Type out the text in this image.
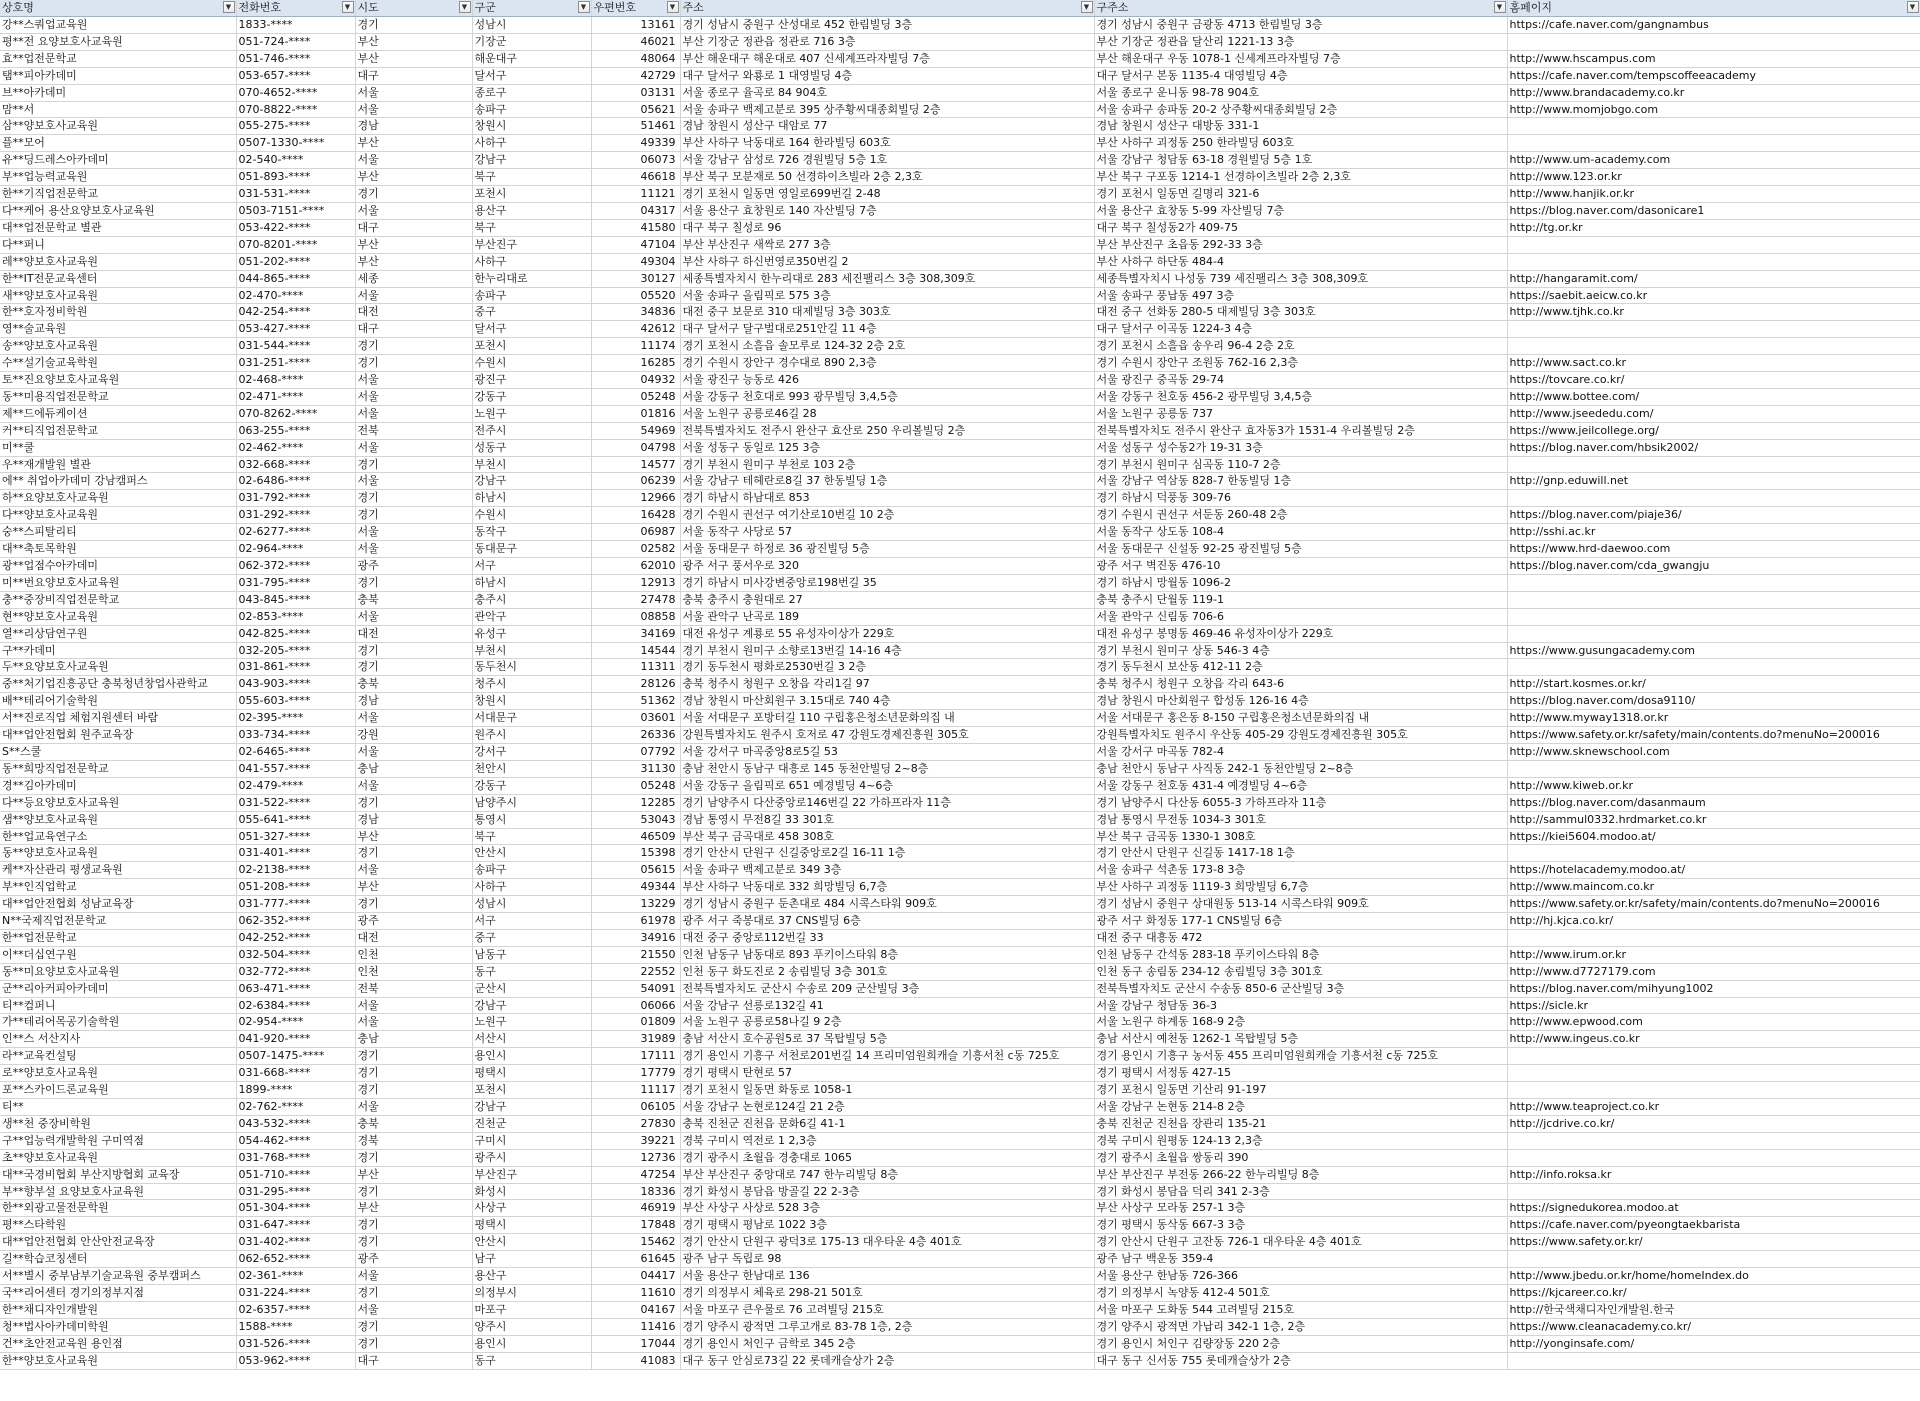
상호명 ▼	전화번호 ▼	시도 ▼	구군 ▼	우편번호 ▼	주소 ▼	구주소 ▼	홈페이지 ▼

강**스쿼업교육원	1833-****	경기	성남시	13161	경기 성남시 중원구 산성대로 452 한림빌딩 3층	경기 성남시 중원구 금광동 4713 한림빌딩 3층	https://cafe.naver.com/gangnambus
평**전 요양보호사교육원	051-724-****	부산	기장군	46021	부산 기장군 정관읍 정관로 716 3층	부산 기장군 정관읍 달산리 1221-13 3층	
효**업전문학교	051-746-****	부산	해운대구	48064	부산 해운대구 해운대로 407 신세계프라자빌딩 7층	부산 해운대구 우동 1078-1 신세계프라자빌딩 7층	http://www.hscampus.com
탬**피아카데미	053-657-****	대구	달서구	42729	대구 달서구 와룡로 1 대영빌딩 4층	대구 달서구 본동 1135-4 대영빌딩 4층	https://cafe.naver.com/tempscoffeeacademy
브**아카데미	070-4652-****	서울	종로구	03131	서울 종로구 율곡로 84 904호	서울 종로구 운니동 98-78 904호	http://www.brandacademy.co.kr
맘**서	070-8822-****	서울	송파구	05621	서울 송파구 백제고분로 395 상주황씨대종회빌딩 2층	서울 송파구 송파동 20-2 상주황씨대종회빌딩 2층	http://www.momjobgo.com
삼**양보호사교육원	055-275-****	경남	창원시	51461	경남 창원시 성산구 대암로 77	경남 창원시 성산구 대방동 331-1	
플**모어	0507-1330-****	부산	사하구	49339	부산 사하구 낙동대로 164 한라빌딩 603호	부산 사하구 괴정동 250 한라빌딩 603호	
유**딩드레스아카데미	02-540-****	서울	강남구	06073	서울 강남구 삼성로 726 경원빌딩 5층 1호	서울 강남구 청담동 63-18 경원빌딩 5층 1호	http://www.um-academy.com
부**업능력교육원	051-893-****	부산	북구	46618	부산 북구 모분재로 50 선경하이츠빌라 2층 2,3호	부산 북구 구포동 1214-1 선경하이츠빌라 2층 2,3호	http://www.123.or.kr
한**기직업전문학교	031-531-****	경기	포천시	11121	경기 포천시 일동면 영일로699번길 2-48	경기 포천시 일동면 길명리 321-6	http://www.hanjik.or.kr
다**케어 용산요양보호사교육원	0503-7151-****	서울	용산구	04317	서울 용산구 효창원로 140 자산빌딩 7층	서울 용산구 효창동 5-99 자산빌딩 7층	https://blog.naver.com/dasonicare1
대**업전문학교 별관	053-422-****	대구	북구	41580	대구 북구 칠성로 96	대구 북구 칠성동2가 409-75	http://tg.or.kr
다**퍼니	070-8201-****	부산	부산진구	47104	부산 부산진구 새싹로 277 3층	부산 부산진구 초읍동 292-33 3층	
레**양보호사교육원	051-202-****	부산	사하구	49304	부산 사하구 하신번영로350번길 2	부산 사하구 하단동 484-4	
한**IT전문교육센터	044-865-****	세종	한누리대로	30127	세종특별자치시 한누리대로 283 세진팰리스 3층 308,309호	세종특별자치시 나성동 739 세진팰리스 3층 308,309호	http://hangaramit.com/
새**양보호사교육원	02-470-****	서울	송파구	05520	서울 송파구 올림픽로 575 3층	서울 송파구 풍납동 497 3층	https://saebit.aeicw.co.kr
한**호자정비학원	042-254-****	대전	중구	34836	대전 중구 보문로 310 대제빌딩 3층 303호	대전 중구 선화동 280-5 대제빌딩 3층 303호	http://www.tjhk.co.kr
영**술교육원	053-427-****	대구	달서구	42612	대구 달서구 달구벌대로251안길 11 4층	대구 달서구 이곡동 1224-3 4층	
송**양보호사교육원	031-544-****	경기	포천시	11174	경기 포천시 소흘읍 솔모루로 124-32 2층 2호	경기 포천시 소흘읍 송우리 96-4 2층 2호	
수**설기술교육학원	031-251-****	경기	수원시	16285	경기 수원시 장안구 경수대로 890 2,3층	경기 수원시 장안구 조원동 762-16 2,3층	http://www.sact.co.kr
토**진요양보호사교육원	02-468-****	서울	광진구	04932	서울 광진구 능동로 426	서울 광진구 중곡동 29-74	https://tovcare.co.kr/
동**미용직업전문학교	02-471-****	서울	강동구	05248	서울 강동구 천호대로 993 광무빌딩 3,4,5층	서울 강동구 천호동 456-2 광무빌딩 3,4,5층	http://www.bottee.com/
제**드에듀케이션	070-8262-****	서울	노원구	01816	서울 노원구 공릉로46길 28	서울 노원구 공릉동 737	http://www.jseededu.com/
커**티직업전문학교	063-255-****	전북	전주시	54969	전북특별자치도 전주시 완산구 효산로 250 우리볼빌딩 2층	전북특별자치도 전주시 완산구 효자동3가 1531-4 우리볼빌딩 2층	https://www.jeilcollege.org/
미**쿨	02-462-****	서울	성동구	04798	서울 성동구 동일로 125 3층	서울 성동구 성수동2가 19-31 3층	https://blog.naver.com/hbsik2002/
우**재개발원 별관	032-668-****	경기	부천시	14577	경기 부천시 원미구 부천로 103 2층	경기 부천시 원미구 심곡동 110-7 2층	
에** 취업아카데미 강남캠퍼스	02-6486-****	서울	강남구	06239	서울 강남구 테헤란로8길 37 한동빌딩 1층	서울 강남구 역삼동 828-7 한동빌딩 1층	http://gnp.eduwill.net
하**요양보호사교육원	031-792-****	경기	하남시	12966	경기 하남시 하남대로 853	경기 하남시 덕풍동 309-76	
다**양보호사교육원	031-292-****	경기	수원시	16428	경기 수원시 권선구 여기산로10번길 10 2층	경기 수원시 권선구 서둔동 260-48 2층	https://blog.naver.com/piaje36/
숭**스피탈리티	02-6277-****	서울	동작구	06987	서울 동작구 사당로 57	서울 동작구 상도동 108-4	http://sshi.ac.kr
대**축토목학원	02-964-****	서울	동대문구	02582	서울 동대문구 하정로 36 광진빌딩 5층	서울 동대문구 신설동 92-25 광진빌딩 5층	https://www.hrd-daewoo.com
광**업점수아카데미	062-372-****	광주	서구	62010	광주 서구 풍서우로 320	광주 서구 벽진동 476-10	https://blog.naver.com/cda_gwangju
미**번요양보호사교육원	031-795-****	경기	하남시	12913	경기 하남시 미사강변중앙로198번길 35	경기 하남시 망월동 1096-2	
충**중장비직업전문학교	043-845-****	충북	충주시	27478	충북 충주시 충원대로 27	충북 충주시 단월동 119-1	
현**양보호사교육원	02-853-****	서울	관악구	08858	서울 관악구 난곡로 189	서울 관악구 신림동 706-6	
열**리상담연구원	042-825-****	대전	유성구	34169	대전 유성구 계룡로 55 유성자이상가 229호	대전 유성구 봉명동 469-46 유성자이상가 229호	
구**카데미	032-205-****	경기	부천시	14544	경기 부천시 원미구 소향로13번길 14-16 4층	경기 부천시 원미구 상동 546-3 4층	https://www.gusungacademy.com
두**요양보호사교육원	031-861-****	경기	동두천시	11311	경기 동두천시 평화로2530번길 3 2층	경기 동두천시 보산동 412-11 2층	
중**처기업진흥공단 충북청년창업사관학교	043-903-****	충북	청주시	28126	충북 청주시 청원구 오창읍 각리1길 97	충북 청주시 청원구 오창읍 각리 643-6	http://start.kosmes.or.kr/
배**테리어기술학원	055-603-****	경남	창원시	51362	경남 창원시 마산회원구 3.15대로 740 4층	경남 창원시 마산회원구 합성동 126-16 4층	https://blog.naver.com/dosa9110/
서**진로직업 체험지원센터 바람	02-395-****	서울	서대문구	03601	서울 서대문구 포방터길 110 구립홍은청소년문화의집 내	서울 서대문구 홍은동 8-150 구립홍은청소년문화의집 내	http://www.myway1318.or.kr
대**업안전협회 원주교육장	033-734-****	강원	원주시	26336	강원특별자치도 원주시 호저로 47 강원도경제진흥원 305호	강원특별자치도 원주시 우산동 405-29 강원도경제진흥원 305호	https://www.safety.or.kr/safety/main/contents.do?menuNo=200016
S**스쿨	02-6465-****	서울	강서구	07792	서울 강서구 마곡중앙8로5길 53	서울 강서구 마곡동 782-4	http://www.sknewschool.com
동**희망직업전문학교	041-557-****	충남	천안시	31130	충남 천안시 동남구 대흥로 145 동천안빌딩 2~8층	충남 천안시 동남구 사직동 242-1 동천안빌딩 2~8층	
경**김아카데미	02-479-****	서울	강동구	05248	서울 강동구 올림픽로 651 예경빌딩 4~6층	서울 강동구 천호동 431-4 예경빌딩 4~6층	http://www.kiweb.or.kr
다**등요양보호사교육원	031-522-****	경기	남양주시	12285	경기 남양주시 다산중앙로146번길 22 가하프라자 11층	경기 남양주시 다산동 6055-3 가하프라자 11층	https://blog.naver.com/dasanmaum
샘**양보호사교육원	055-641-****	경남	통영시	53043	경남 통영시 무전8길 33 301호	경남 통영시 무전동 1034-3 301호	http://sammul0332.hrdmarket.co.kr
한**업교육연구소	051-327-****	부산	북구	46509	부산 북구 금곡대로 458 308호	부산 북구 금곡동 1330-1 308호	https://kiei5604.modoo.at/
동**양보호사교육원	031-401-****	경기	안산시	15398	경기 안산시 단원구 신길중앙로2길 16-11 1층	경기 안산시 단원구 신길동 1417-18 1층	
케**자산관리 평생교육원	02-2138-****	서울	송파구	05615	서울 송파구 백제고분로 349 3층	서울 송파구 석촌동 173-8 3층	https://hotelacademy.modoo.at/
부**인직업학교	051-208-****	부산	사하구	49344	부산 사하구 낙동대로 332 희망빌딩 6,7층	부산 사하구 괴정동 1119-3 희망빌딩 6,7층	http://www.maincom.co.kr
대**업안전협회 성남교육장	031-777-****	경기	성남시	13229	경기 성남시 중원구 둔촌대로 484 시콕스타워 909호	경기 성남시 중원구 상대원동 513-14 시콕스타워 909호	https://www.safety.or.kr/safety/main/contents.do?menuNo=200016
N**국제직업전문학교	062-352-****	광주	서구	61978	광주 서구 죽봉대로 37 CNS빌딩 6층	광주 서구 화정동 177-1 CNS빌딩 6층	http://hj.kjca.co.kr/
한**업전문학교	042-252-****	대전	중구	34916	대전 중구 중앙로112번길 33	대전 중구 대흥동 472	
이**더십연구원	032-504-****	인천	남동구	21550	인천 남동구 남동대로 893 푸키이스타워 8층	인천 남동구 간석동 283-18 푸키이스타워 8층	http://www.irum.or.kr
동**미요양보호사교육원	032-772-****	인천	동구	22552	인천 동구 화도진로 2 송림빌딩 3층 301호	인천 동구 송림동 234-12 송림빌딩 3층 301호	http://www.d7727179.com
군**리아커피아카데미	063-471-****	전북	군산시	54091	전북특별자치도 군산시 수송로 209 군산빌딩 3층	전북특별자치도 군산시 수송동 850-6 군산빌딩 3층	https://blog.naver.com/mihyung1002
티**컴퍼니	02-6384-****	서울	강남구	06066	서울 강남구 선릉로132길 41	서울 강남구 청담동 36-3	https://sicle.kr
가**테리어목공기술학원	02-954-****	서울	노원구	01809	서울 노원구 공릉로58나길 9 2층	서울 노원구 하계동 168-9 2층	http://www.epwood.com
인**스 서산지사	041-920-****	충남	서산시	31989	충남 서산시 호수공원5로 37 목탑빌딩 5층	충남 서산시 예천동 1262-1 목탑빌딩 5층	http://www.ingeus.co.kr
라**교육컨설팅	0507-1475-****	경기	용인시	17111	경기 용인시 기흥구 서천로201번길 14 프리미엄원희캐슬 기흥서천 c동 725호	경기 용인시 기흥구 농서동 455 프리미엄원희캐슬 기흥서천 c동 725호	
로**양보호사교육원	031-668-****	경기	평택시	17779	경기 평택시 탄현로 57	경기 평택시 서정동 427-15	
포**스카이드론교육원	1899-****	경기	포천시	11117	경기 포천시 일동면 화동로 1058-1	경기 포천시 일동면 기산리 91-197	
티**	02-762-****	서울	강남구	06105	서울 강남구 논현로124길 21 2층	서울 강남구 논현동 214-8 2층	http://www.teaproject.co.kr
생**천 중장비학원	043-532-****	충북	진천군	27830	충북 진천군 진천읍 문화6길 41-1	충북 진천군 진천읍 장관리 135-21	http://jcdrive.co.kr/
구**업능력개발학원 구미역점	054-462-****	경북	구미시	39221	경북 구미시 역전로 1 2,3층	경북 구미시 원평동 124-13 2,3층	
초**양보호사교육원	031-768-****	경기	광주시	12736	경기 광주시 초월읍 경충대로 1065	경기 광주시 초월읍 쌍동리 390	
대**국경비협회 부산지방협회 교육장	051-710-****	부산	부산진구	47254	부산 부산진구 중앙대로 747 한누리빌딩 8층	부산 부산진구 부전동 266-22 한누리빌딩 8층	http://info.roksa.kr
부**향부설 요양보호사교육원	031-295-****	경기	화성시	18336	경기 화성시 봉담읍 방골길 22 2-3층	경기 화성시 봉담읍 덕리 341 2-3층	
한**외광고물전문학원	051-304-****	부산	사상구	46919	부산 사상구 사상로 528 3층	부산 사상구 모라동 257-1 3층	https://signedukorea.modoo.at
평**스타학원	031-647-****	경기	평택시	17848	경기 평택시 평남로 1022 3층	경기 평택시 동삭동 667-3 3층	https://cafe.naver.com/pyeongtaekbarista
대**업안전협회 안산안전교육장	031-402-****	경기	안산시	15462	경기 안산시 단원구 광덕3로 175-13 대우타운 4층 401호	경기 안산시 단원구 고잔동 726-1 대우타운 4층 401호	https://www.safety.or.kr/
길**학습코칭센터	062-652-****	광주	남구	61645	광주 남구 독립로 98	광주 남구 백운동 359-4	
서**별시 중부남부기술교육원 중부캠퍼스	02-361-****	서울	용산구	04417	서울 용산구 한남대로 136	서울 용산구 한남동 726-366	http://www.jbedu.or.kr/home/homeIndex.do
국**리어센터 경기의정부지점	031-224-****	경기	의정부시	11610	경기 의정부시 체육로 298-21 501호	경기 의정부시 녹양동 412-4 501호	https://kjcareer.co.kr/
한**채디자인개발원	02-6357-****	서울	마포구	04167	서울 마포구 큰우물로 76 고려빌딩 215호	서울 마포구 도화동 544 고려빌딩 215호	http://한국색채디자인개발원.한국
청**법사아카데미학원	1588-****	경기	양주시	11416	경기 양주시 광적면 그루고개로 83-78 1층, 2층	경기 양주시 광적면 가납리 342-1 1층, 2층	https://www.cleanacademy.co.kr/
건**초안전교육원 용인점	031-526-****	경기	용인시	17044	경기 용인시 처인구 금학로 345 2층	경기 용인시 처인구 김량장동 220 2층	http://yonginsafe.com/
한**양보호사교육원	053-962-****	대구	동구	41083	대구 동구 안심로73길 22 롯데캐슬상가 2층	대구 동구 신서동 755 롯데캐슬상가 2층	
